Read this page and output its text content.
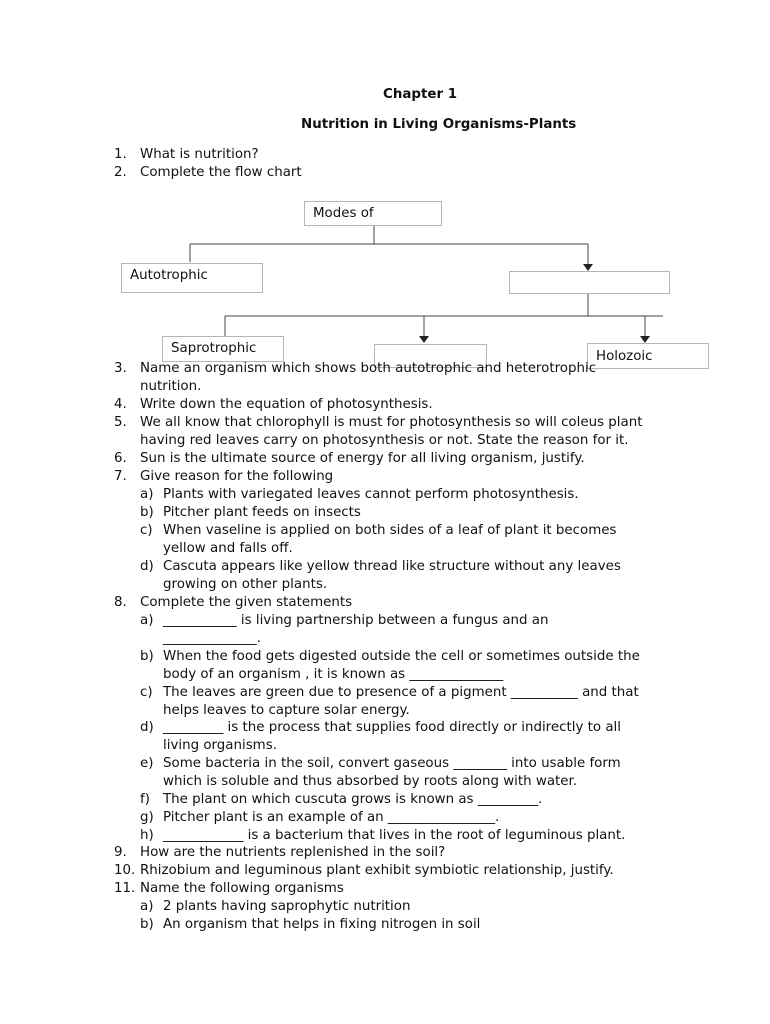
Chapter 1
Nutrition in Living Organisms-Plants
1. What is nutrition?
2. Complete the flow chart
Modes of
Autotrophic
Saprotrophic
Holozoic
3. Name an organism which shows both autotrophic and heterotrophic
nutrition.
4. Write down the equation of photosynthesis.
5. We all know that chlorophyll is must for photosynthesis so will coleus plant
having red leaves carry on photosynthesis or not. State the reason for it.
6. Sun is the ultimate source of energy for all living organism, justify.
7. Give reason for the following
a) Plants with variegated leaves cannot perform photosynthesis.
b) Pitcher plant feeds on insects
c) When vaseline is applied on both sides of a leaf of plant it becomes
yellow and falls off.
d) Cascuta appears like yellow thread like structure without any leaves
growing on other plants.
8. Complete the given statements
a) ___________ is living partnership between a fungus and an
______________.
b) When the food gets digested outside the cell or sometimes outside the
body of an organism , it is known as ______________
c) The leaves are green due to presence of a pigment __________ and that
helps leaves to capture solar energy.
d) _________ is the process that supplies food directly or indirectly to all
living organisms.
e) Some bacteria in the soil, convert gaseous ________ into usable form
which is soluble and thus absorbed by roots along with water.
f) The plant on which cuscuta grows is known as _________.
g) Pitcher plant is an example of an ________________.
h) ____________ is a bacterium that lives in the root of leguminous plant.
9. How are the nutrients replenished in the soil?
10. Rhizobium and leguminous plant exhibit symbiotic relationship, justify.
11. Name the following organisms
a) 2 plants having saprophytic nutrition
b) An organism that helps in fixing nitrogen in soil
